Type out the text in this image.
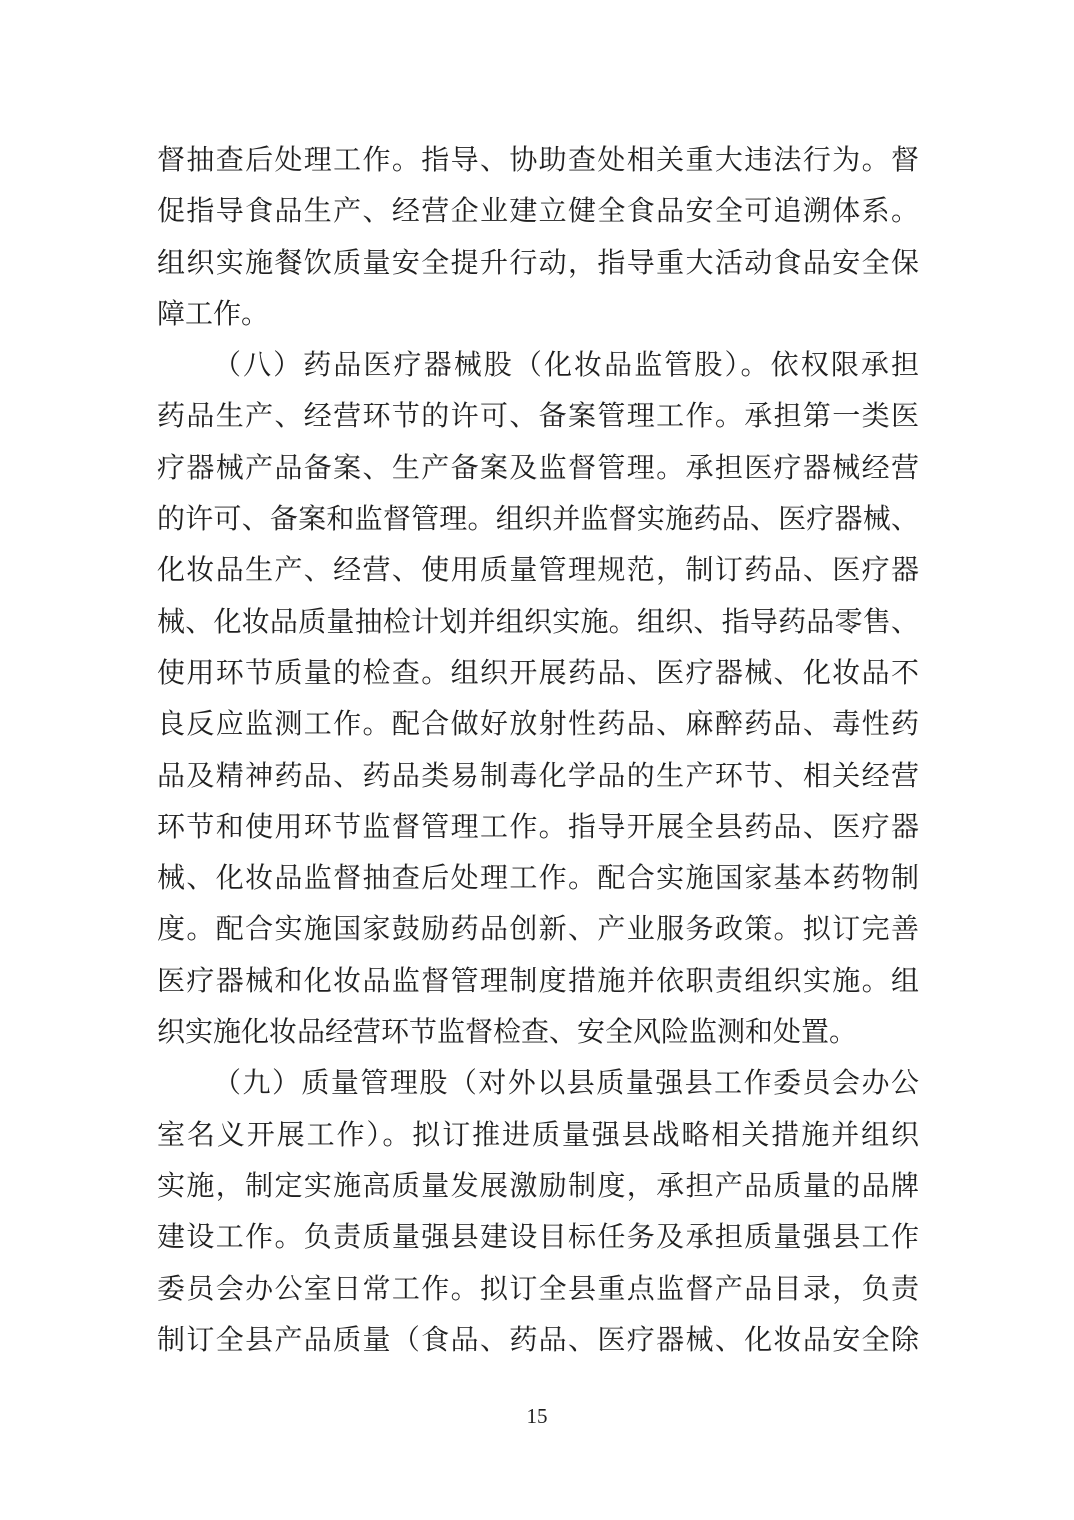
督抽查后处理工作。指导、协助查处相关重大违法行为。督
促指导食品生产、经营企业建立健全食品安全可追溯体系。
组织实施餐饮质量安全提升行动，指导重大活动食品安全保
障工作。
（八）药品医疗器械股（化妆品监管股）。依权限承担
药品生产、经营环节的许可、备案管理工作。承担第一类医
疗器械产品备案、生产备案及监督管理。承担医疗器械经营
的许可、备案和监督管理。组织并监督实施药品、医疗器械、
化妆品生产、经营、使用质量管理规范，制订药品、医疗器
械、化妆品质量抽检计划并组织实施。组织、指导药品零售、
使用环节质量的检查。组织开展药品、医疗器械、化妆品不
良反应监测工作。配合做好放射性药品、麻醉药品、毒性药
品及精神药品、药品类易制毒化学品的生产环节、相关经营
环节和使用环节监督管理工作。指导开展全县药品、医疗器
械、化妆品监督抽查后处理工作。配合实施国家基本药物制
度。配合实施国家鼓励药品创新、产业服务政策。拟订完善
医疗器械和化妆品监督管理制度措施并依职责组织实施。组
织实施化妆品经营环节监督检查、安全风险监测和处置。
（九）质量管理股（对外以县质量强县工作委员会办公
室名义开展工作）。拟订推进质量强县战略相关措施并组织
实施，制定实施高质量发展激励制度，承担产品质量的品牌
建设工作。负责质量强县建设目标任务及承担质量强县工作
委员会办公室日常工作。拟订全县重点监督产品目录，负责
制订全县产品质量（食品、药品、医疗器械、化妆品安全除
15
